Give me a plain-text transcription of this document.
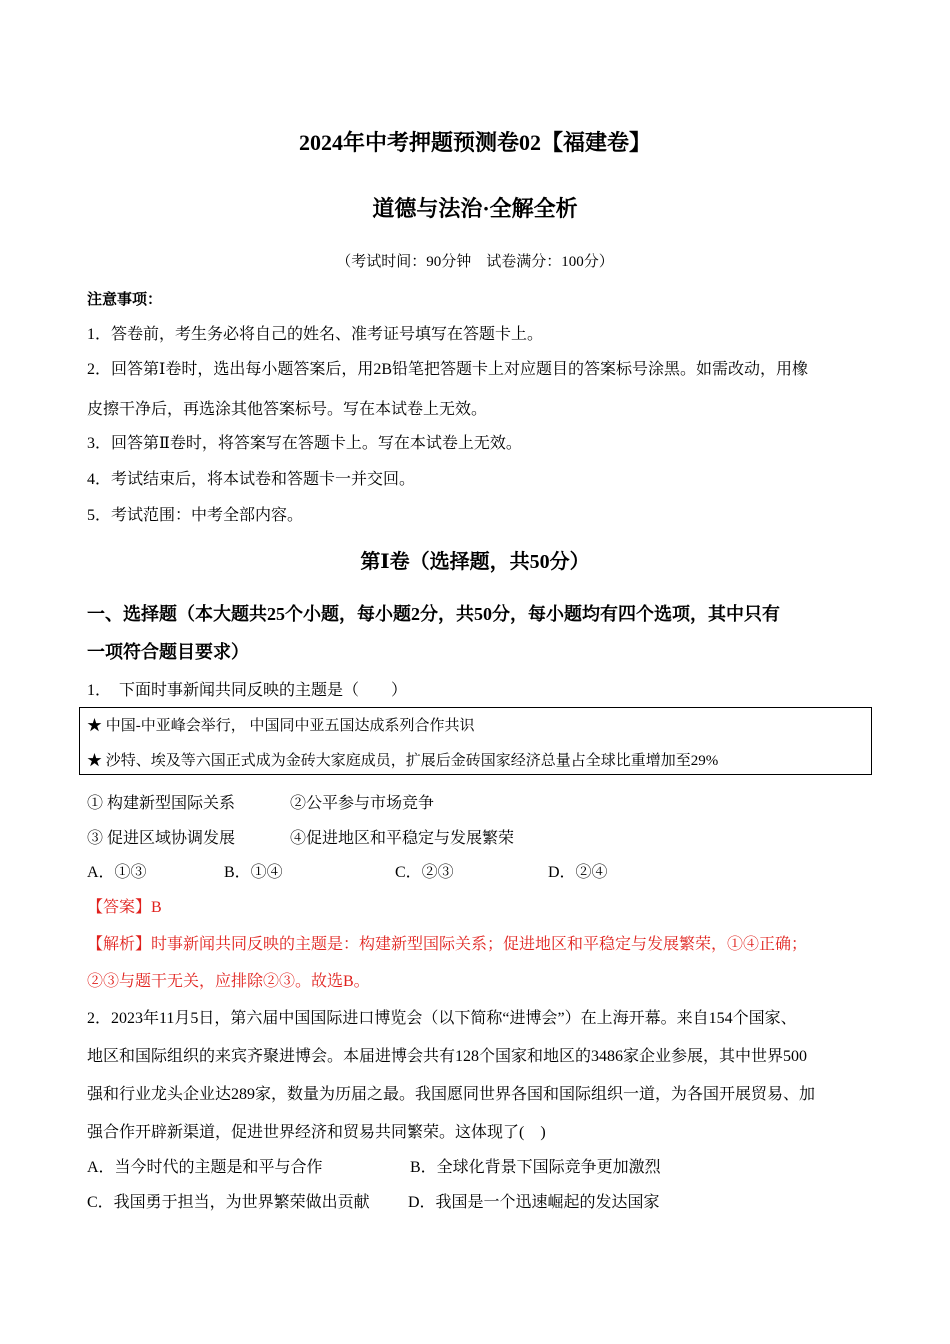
2024年中考押题预测卷02【福建卷】
道德与法治·全解全析
（考试时间：90分钟　试卷满分：100分）
注意事项：
1．答卷前，考生务必将自己的姓名、准考证号填写在答题卡上。
2．回答第Ⅰ卷时，选出每小题答案后，用2B铅笔把答题卡上对应题目的答案标号涂黑。如需改动，用橡
皮擦干净后，再选涂其他答案标号。写在本试卷上无效。
3．回答第Ⅱ卷时，将答案写在答题卡上。写在本试卷上无效。
4．考试结束后，将本试卷和答题卡一并交回。
5．考试范围：中考全部内容。
第Ⅰ卷（选择题，共50分）
一、选择题（本大题共25个小题，每小题2分，共50分，每小题均有四个选项，其中只有
一项符合题目要求）
1．　下面时事新闻共同反映的主题是（　　）
★ 中国-中亚峰会举行， 中国同中亚五国达成系列合作共识
★ 沙特、埃及等六国正式成为金砖大家庭成员，扩展后金砖国家经济总量占全球比重增加至29%
① 构建新型国际关系	②公平参与市场竞争
③ 促进区域协调发展	④促进地区和平稳定与发展繁荣
A．①③	B．①④	C．②③	D．②④
【答案】B
【解析】时事新闻共同反映的主题是：构建新型国际关系；促进地区和平稳定与发展繁荣，①④正确；
②③与题干无关，应排除②③。故选B。
2．2023年11月5日，第六届中国国际进口博览会（以下简称“进博会”）在上海开幕。来自154个国家、
地区和国际组织的来宾齐聚进博会。本届进博会共有128个国家和地区的3486家企业参展，其中世界500
强和行业龙头企业达289家，数量为历届之最。我国愿同世界各国和国际组织一道，为各国开展贸易、加
强合作开辟新渠道，促进世界经济和贸易共同繁荣。这体现了(　)
A．当今时代的主题是和平与合作	B．全球化背景下国际竞争更加激烈
C．我国勇于担当，为世界繁荣做出贡献 D．我国是一个迅速崛起的发达国家
